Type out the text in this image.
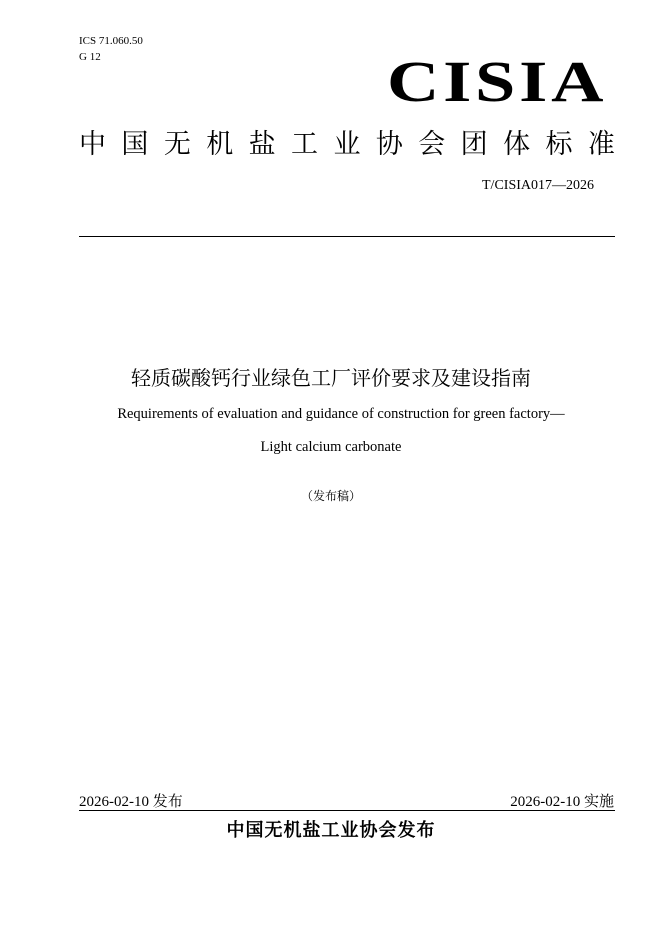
ICS 71.060.50
G 12	CISIA
中 国 无 机 盐 工 业 协 会 团 体 标 准
T/CISIA017—2026
轻质碳酸钙行业绿色工厂评价要求及建设指南
Requirements of evaluation and guidance of construction for green factory—
Light calcium carbonate
（发布稿）
2026-02-10 发布	2026-02-10 实施
中国无机盐工业协会发布
